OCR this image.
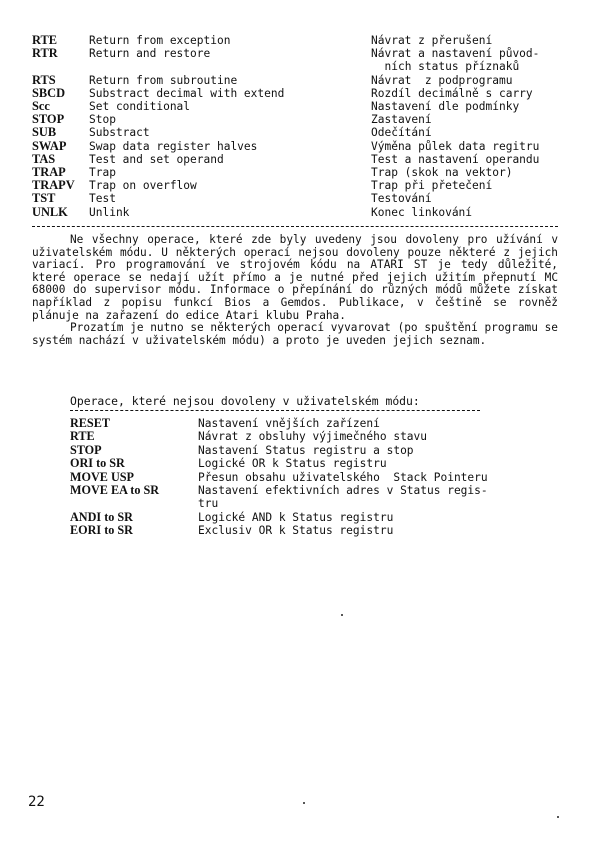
RTE	Return from exception	Návrat z přerušení
RTR	Return and restore	Návrat a nastavení původ-
ních status příznaků
RTS	Return from subroutine	Návrat  z podprogramu
SBCD	Substract decimal with extend	Rozdíl decimálně s carry
Scc	Set conditional	Nastavení dle podmínky
STOP	Stop	Zastavení
SUB	Substract	Odečítání
SWAP	Swap data register halves	Výměna půlek data regitru
TAS	Test and set operand	Test a nastavení operandu
TRAP	Trap	Trap (skok na vektor)
TRAPV	Trap on overflow	Trap při přetečení
TST	Test	Testování
UNLK	Unlink	Konec linkování

Ne všechny operace, které zde byly uvedeny jsou dovoleny pro užívání v uživatelském módu. U některých operací nejsou dovoleny pouze některé z jejich variací. Pro programování ve strojovém kódu na ATARI ST je tedy důležité, které operace se nedají užít přímo a je nutné před jejich užitím přepnutí MC 68000 do supervisor módu. Informace o přepínání do různých módů můžete získat například z popisu funkcí Bios a Gemdos. Publikace, v češtině se rovněž plánuje na zařazení do edice Atari klubu Praha.

Prozatím je nutno se některých operací vyvarovat (po spuštění programu se systém nachází v uživatelském módu) a proto je uveden jejich seznam.

Operace, které nejsou dovoleny v uživatelském módu:
RESET	Nastavení vnějších zařízení
RTE	Návrat z obsluhy výjimečného stavu
STOP	Nastavení Status registru a stop
ORI to SR	Logické OR k Status registru
MOVE USP	Přesun obsahu uživatelského  Stack Pointeru
MOVE EA to SR	Nastavení efektivních adres v Status regis-
tru
ANDI to SR	Logické AND k Status registru
EORI to SR	Exclusiv OR k Status registru
22
